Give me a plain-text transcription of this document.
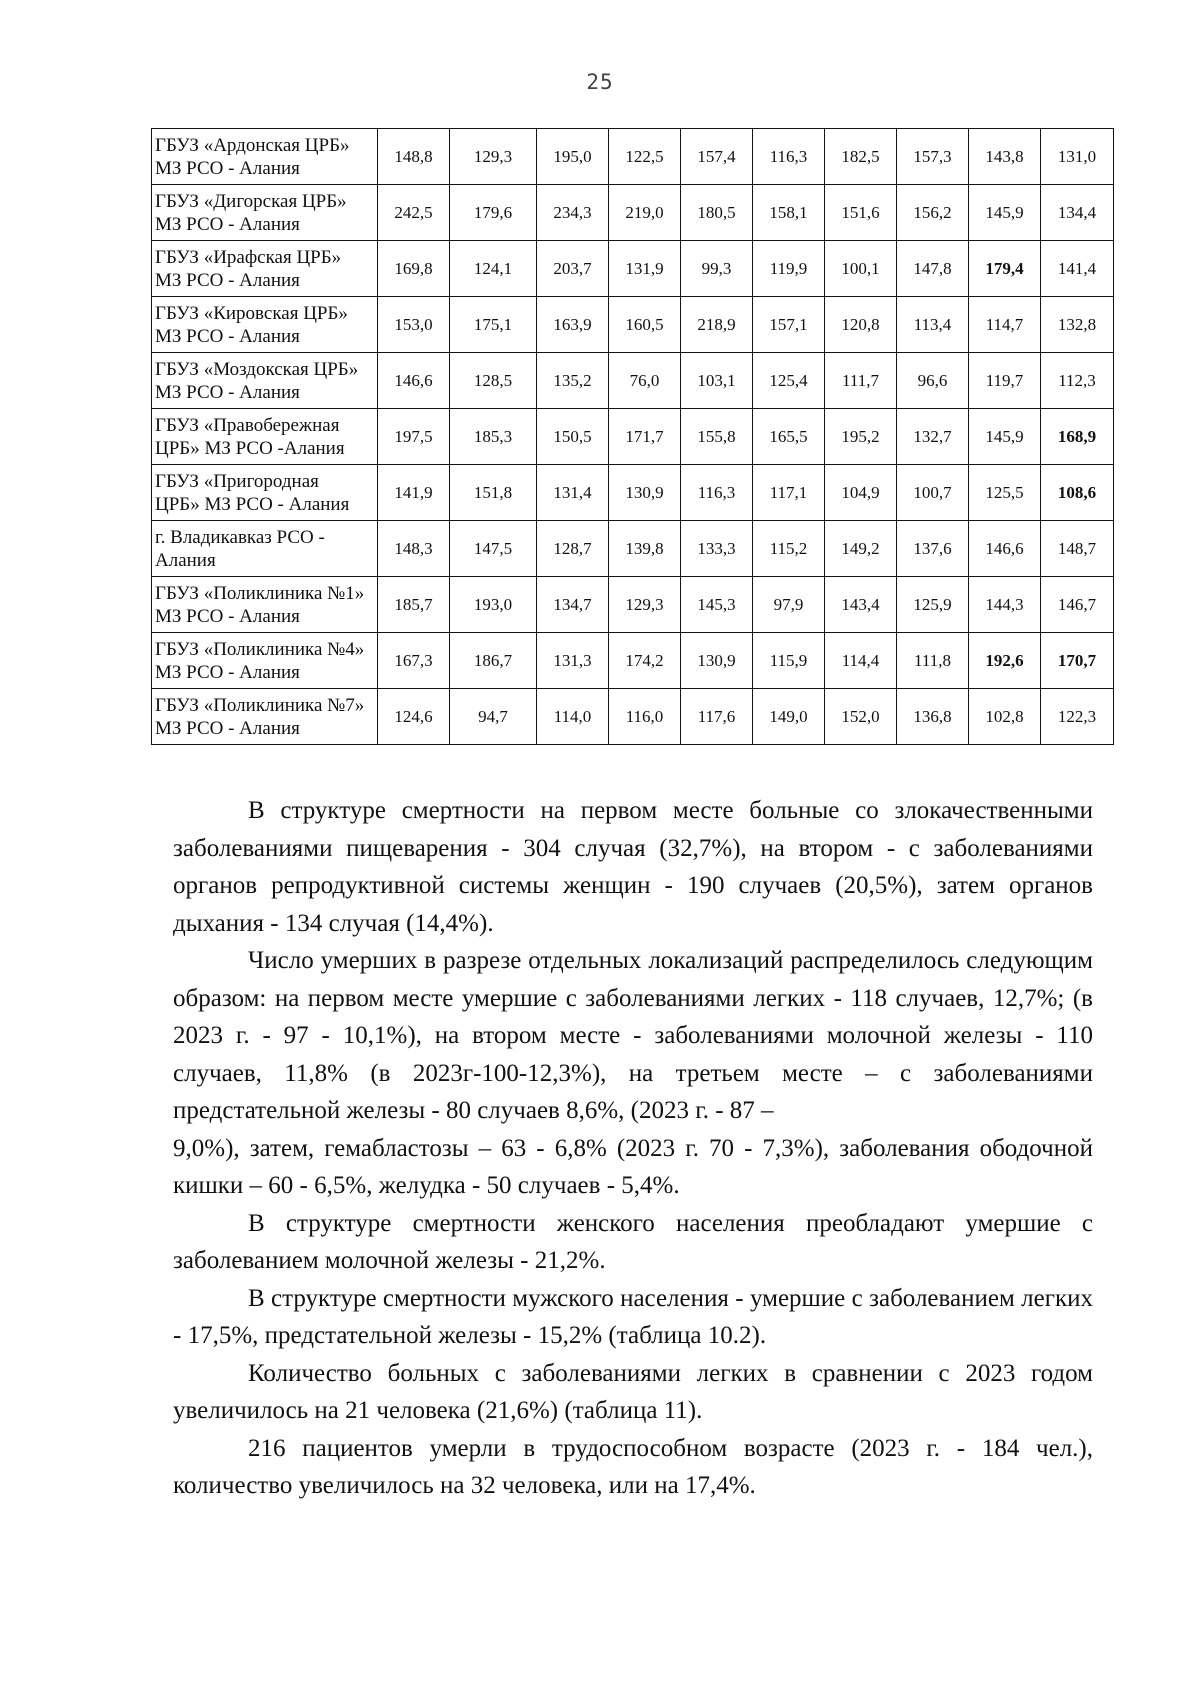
25
ГБУЗ «Ардонская ЦРБ»
МЗ РСО - Алания	148,8	129,3	195,0	122,5	157,4	116,3	182,5	157,3	143,8	131,0

ГБУЗ «Дигорская ЦРБ»
МЗ РСО - Алания	242,5	179,6	234,3	219,0	180,5	158,1	151,6	156,2	145,9	134,4

ГБУЗ «Ирафская ЦРБ»
МЗ РСО - Алания	169,8	124,1	203,7	131,9	99,3	119,9	100,1	147,8	179,4	141,4

ГБУЗ «Кировская ЦРБ»
МЗ РСО - Алания	153,0	175,1	163,9	160,5	218,9	157,1	120,8	113,4	114,7	132,8

ГБУЗ «Моздокская ЦРБ»
МЗ РСО - Алания	146,6	128,5	135,2	76,0	103,1	125,4	111,7	96,6	119,7	112,3

ГБУЗ «Правобережная
ЦРБ» МЗ РСО -Алания	197,5	185,3	150,5	171,7	155,8	165,5	195,2	132,7	145,9	168,9

ГБУЗ «Пригородная
ЦРБ» МЗ РСО - Алания	141,9	151,8	131,4	130,9	116,3	117,1	104,9	100,7	125,5	108,6

г. Владикавказ РСО -
Алания	148,3	147,5	128,7	139,8	133,3	115,2	149,2	137,6	146,6	148,7

ГБУЗ «Поликлиника №1»
МЗ РСО - Алания	185,7	193,0	134,7	129,3	145,3	97,9	143,4	125,9	144,3	146,7

ГБУЗ «Поликлиника №4»
МЗ РСО - Алания	167,3	186,7	131,3	174,2	130,9	115,9	114,4	111,8	192,6	170,7

ГБУЗ «Поликлиника №7»
МЗ РСО - Алания	124,6	94,7	114,0	116,0	117,6	149,0	152,0	136,8	102,8	122,3

В структуре смертности на первом месте больные со злокачественными заболеваниями пищеварения - 304 случая (32,7%), на втором - с заболеваниями органов репродуктивной системы женщин - 190 случаев (20,5%), затем органов дыхания - 134 случая (14,4%).

Число умерших в разрезе отдельных локализаций распределилось следующим образом: на первом месте умершие с заболеваниями легких - 118 случаев, 12,7%; (в 2023 г. - 97 - 10,1%), на втором месте - заболеваниями молочной железы - 110 случаев, 11,8% (в 2023г-100-12,3%), на третьем месте – с заболеваниями предстательной железы - 80 случаев 8,6%, (2023 г. - 87 –

9,0%), затем, гемабластозы – 63 - 6,8% (2023 г. 70 - 7,3%), заболевания ободочной кишки – 60 - 6,5%, желудка - 50 случаев - 5,4%.

В структуре смертности женского населения преобладают умершие с заболеванием молочной железы - 21,2%.

В структуре смертности мужского населения - умершие с заболеванием легких - 17,5%, предстательной железы - 15,2% (таблица 10.2).

Количество больных с заболеваниями легких в сравнении с 2023 годом увеличилось на 21 человека (21,6%) (таблица 11).

216 пациентов умерли в трудоспособном возрасте (2023 г. - 184 чел.), количество увеличилось на 32 человека, или на 17,4%.
